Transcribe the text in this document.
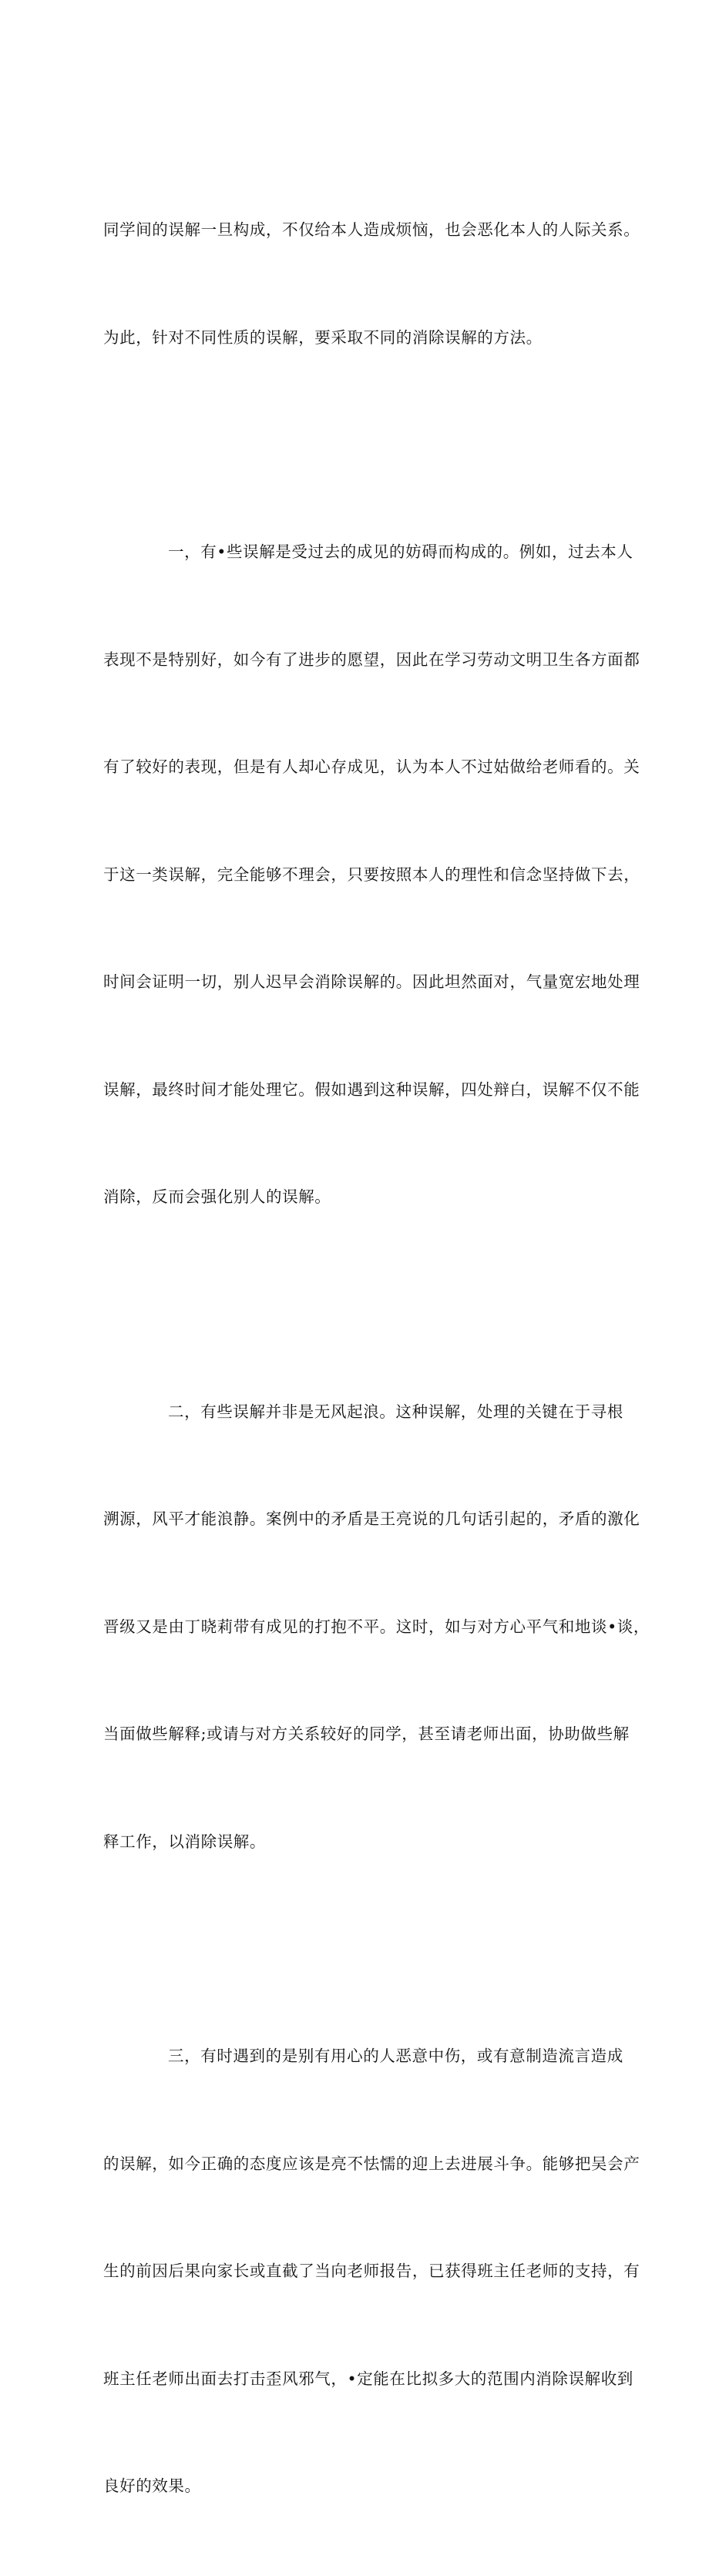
同学间的误解一旦构成，不仅给本人造成烦恼，也会恶化本人的人际关系。

为此，针对不同性质的误解，要采取不同的消除误解的方法。

一，有•些误解是受过去的成见的妨碍而构成的。例如，过去本人

表现不是特别好，如今有了进步的愿望，因此在学习劳动文明卫生各方面都

有了较好的表现，但是有人却心存成见，认为本人不过姑做给老师看的。关

于这一类误解，完全能够不理会，只要按照本人的理性和信念坚持做下去，

时间会证明一切，别人迟早会消除误解的。因此坦然面对，气量宽宏地处理

误解，最终时间才能处理它。假如遇到这种误解，四处辩白，误解不仅不能

消除，反而会强化别人的误解。

二，有些误解并非是无风起浪。这种误解，处理的关键在于寻根

溯源，风平才能浪静。案例中的矛盾是王亮说的几句话引起的，矛盾的激化

晋级又是由丁晓莉带有成见的打抱不平。这时，如与对方心平气和地谈•谈，

当面做些解释;或请与对方关系较好的同学，甚至请老师出面，协助做些解

释工作，以消除误解。

三，有时遇到的是别有用心的人恶意中伤，或有意制造流言造成

的误解，如今正确的态度应该是亮不怯懦的迎上去进展斗争。能够把吴会产

生的前因后果向家长或直截了当向老师报告，已获得班主任老师的支持，有

班主任老师出面去打击歪风邪气，•定能在比拟多大的范围内消除误解收到

良好的效果。
